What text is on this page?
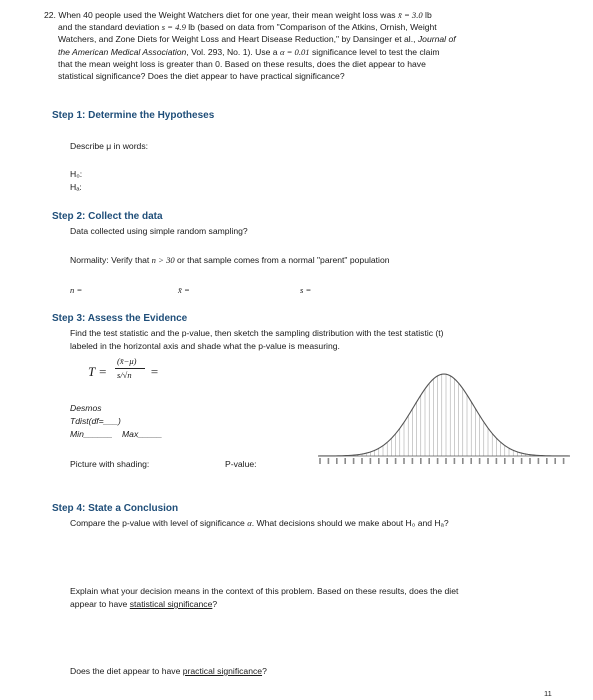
22. When 40 people used the Weight Watchers diet for one year, their mean weight loss was x̄ = 3.0 lb
and the standard deviation s = 4.9 lb (based on data from "Comparison of the Atkins, Ornish, Weight
Watchers, and Zone Diets for Weight Loss and Heart Disease Reduction," by Dansinger et al., Journal of
the American Medical Association, Vol. 293, No. 1). Use a α = 0.01 significance level to test the claim
that the mean weight loss is greater than 0. Based on these results, does the diet appear to have
statistical significance? Does the diet appear to have practical significance?
Step 1: Determine the Hypotheses
Describe μ in words:
H₀:
Hₐ:
Step 2: Collect the data
Data collected using simple random sampling?
Normality: Verify that n > 30 or that sample comes from a normal "parent" population
n =	x̄ =	s =
Step 3: Assess the Evidence
Find the test statistic and the p-value, then sketch the sampling distribution with the test statistic (t)
labeled in the horizontal axis and shade what the p-value is measuring.
T =
(x̄−μ)
s/√n =
Desmos
Tdist(df=___)
Min______ Max_____
Picture with shading:	P-value:
Step 4: State a Conclusion
Compare the p-value with level of significance α. What decisions should we make about H₀ and Hₐ?
Explain what your decision means in the context of this problem. Based on these results, does the diet
appear to have statistical significance?
Does the diet appear to have practical significance?
11
